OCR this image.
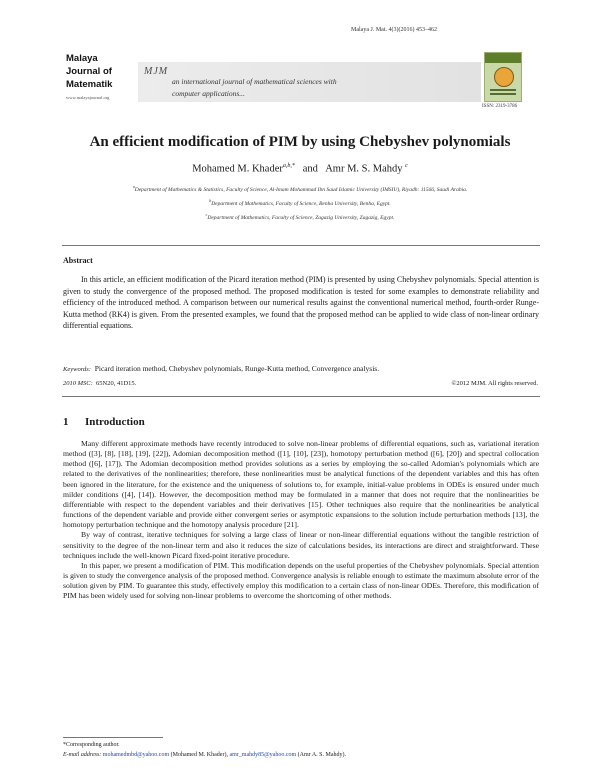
Malaya J. Mat. 4(3)(2016) 453–462
Malaya
Journal of
Matematik
www.malayajournal.org
MJM
an international journal of mathematical sciences with
computer applications...
ISSN: 2319-3786
An efficient modification of PIM by using Chebyshev polynomials
Mohamed M. Khader$^{a,b,*}$ and Amr M. S. Mahdy $^c$
$^a$Department of Mathematics & Statistics, Faculty of Science, Al-Imam Mohammad Ibn Saud Islamic University (IMSIU), Riyadh: 11566, Saudi Arabia.
$^b$Department of Mathematics, Faculty of Science, Benha University, Benha, Egypt.
$^c$Department of Mathematics, Faculty of Science, Zagazig University, Zagazig, Egypt.
Abstract
In this article, an efficient modification of the Picard iteration method (PIM) is presented by using Chebyshev polynomials. Special attention is given to study the convergence of the proposed method. The proposed modification is tested for some examples to demonstrate reliability and efficiency of the introduced method. A comparison between our numerical results against the conventional numerical method, fourth-order Runge-Kutta method (RK4) is given. From the presented examples, we found that the proposed method can be applied to wide class of non-linear ordinary differential equations.
Keywords: Picard iteration method, Chebyshev polynomials, Runge-Kutta method, Convergence analysis.
2010 MSC: 65N20, 41D15.	©2012 MJM. All rights reserved.
1 Introduction

Many different approximate methods have recently introduced to solve non-linear problems of differential equations, such as, variational iteration method ([3], [8], [18], [19], [22]), Adomian decomposition method ([1], [10], [23]), homotopy perturbation method ([6], [20]) and spectral collocation method ([6], [17]). The Adomian decomposition method provides solutions as a series by employing the so-called Adomian's polynomials which are related to the derivatives of the nonlinearities; therefore, these nonlinearities must be analytical functions of the dependent variables and this has often been ignored in the literature, for the existence and the uniqueness of solutions to, for example, initial-value problems in ODEs is ensured under much milder conditions ([4], [14]). However, the decomposition method may be formulated in a manner that does not require that the nonlinearities be differentiable with respect to the dependent variables and their derivatives [15]. Other techniques also require that the nonlinearities be analytical functions of the dependent variable and provide either convergent series or asymptotic expansions to the solution include perturbation methods [13], the homotopy perturbation technique and the homotopy analysis procedure [21].

By way of contrast, iterative techniques for solving a large class of linear or non-linear differential equations without the tangible restriction of sensitivity to the degree of the non-linear term and also it reduces the size of calculations besides, its interactions are direct and straightforward. These techniques include the well-known Picard fixed-point iterative procedure.

In this paper, we present a modification of PIM. This modification depends on the useful properties of the Chebyshev polynomials. Special attention is given to study the convergence analysis of the proposed method. Convergence analysis is reliable enough to estimate the maximum absolute error of the solution given by PIM. To guarantee this study, effectively employ this modification to a certain class of non-linear ODEs. Therefore, this modification of PIM has been widely used for solving non-linear problems to overcome the shortcoming of other methods.

*Corresponding author.
E-mail address: mohamedmbd@yahoo.com (Mohamed M. Khader), amr_mahdy85@yahoo.com (Amr A. S. Mahdy).
